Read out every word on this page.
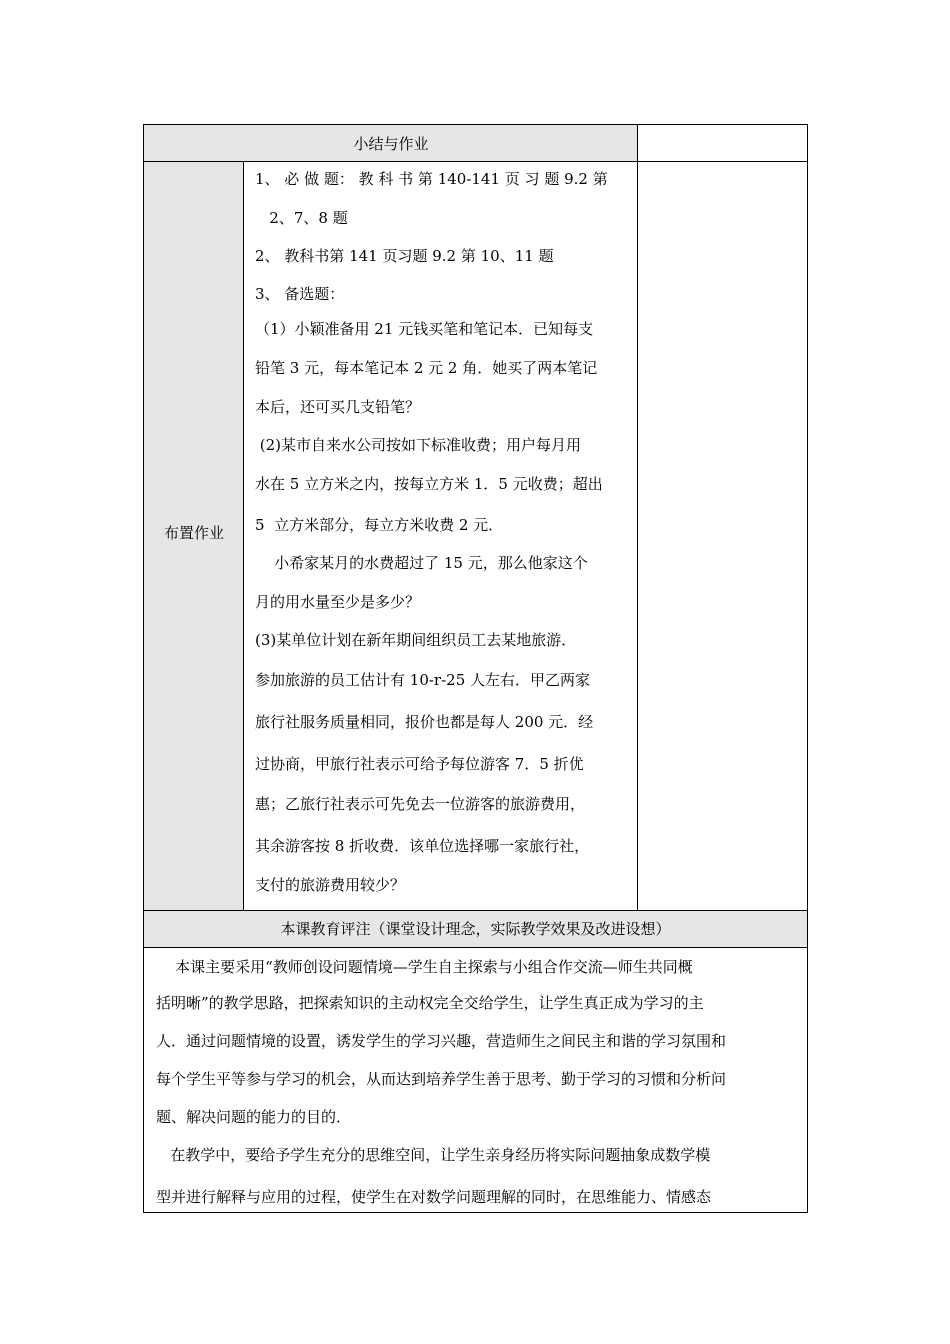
小结与作业
布置作业
1、 必 做 题： 教 科 书 第 140-141 页 习 题 9.2 第
2、7、8 题
2、 教科书第 141 页习题 9.2 第 10、11 题
3、 备选题：
（1）小颖准备用 21 元钱买笔和笔记本．已知每支
铅笔 3 元，每本笔记本 2 元 2 角．她买了两本笔记
本后，还可买几支铅笔？
(2)某市自来水公司按如下标准收费；用户每月用
水在 5 立方米之内，按每立方米 1．5 元收费；超出
5  立方米部分，每立方米收费 2 元．
小希家某月的水费超过了 15 元，那么他家这个
月的用水量至少是多少？
(3)某单位计划在新年期间组织员工去某地旅游．
参加旅游的员工估计有 10-r-25 人左右．甲乙两家
旅行社服务质量相同，报价也都是每人 200 元．经
过协商，甲旅行社表示可给予每位游客 7．5 折优
惠；乙旅行社表示可先免去一位游客的旅游费用，
其余游客按 8 折收费．该单位选择哪一家旅行社，
支付的旅游费用较少？
本课教育评注（课堂设计理念，实际教学效果及改进设想）
本课主要采用“教师创设问题情境—学生自主探索与小组合作交流—师生共同概
括明晰”的教学思路，把探索知识的主动权完全交给学生，让学生真正成为学习的主
人．通过问题情境的设置，诱发学生的学习兴趣，营造师生之间民主和谐的学习氛围和
每个学生平等参与学习的机会，从而达到培养学生善于思考、勤于学习的习惯和分析问
题、解决问题的能力的目的．
在教学中，要给予学生充分的思维空间，让学生亲身经历将实际问题抽象成数学模
型并进行解释与应用的过程，使学生在对数学问题理解的同时，在思维能力、情感态
